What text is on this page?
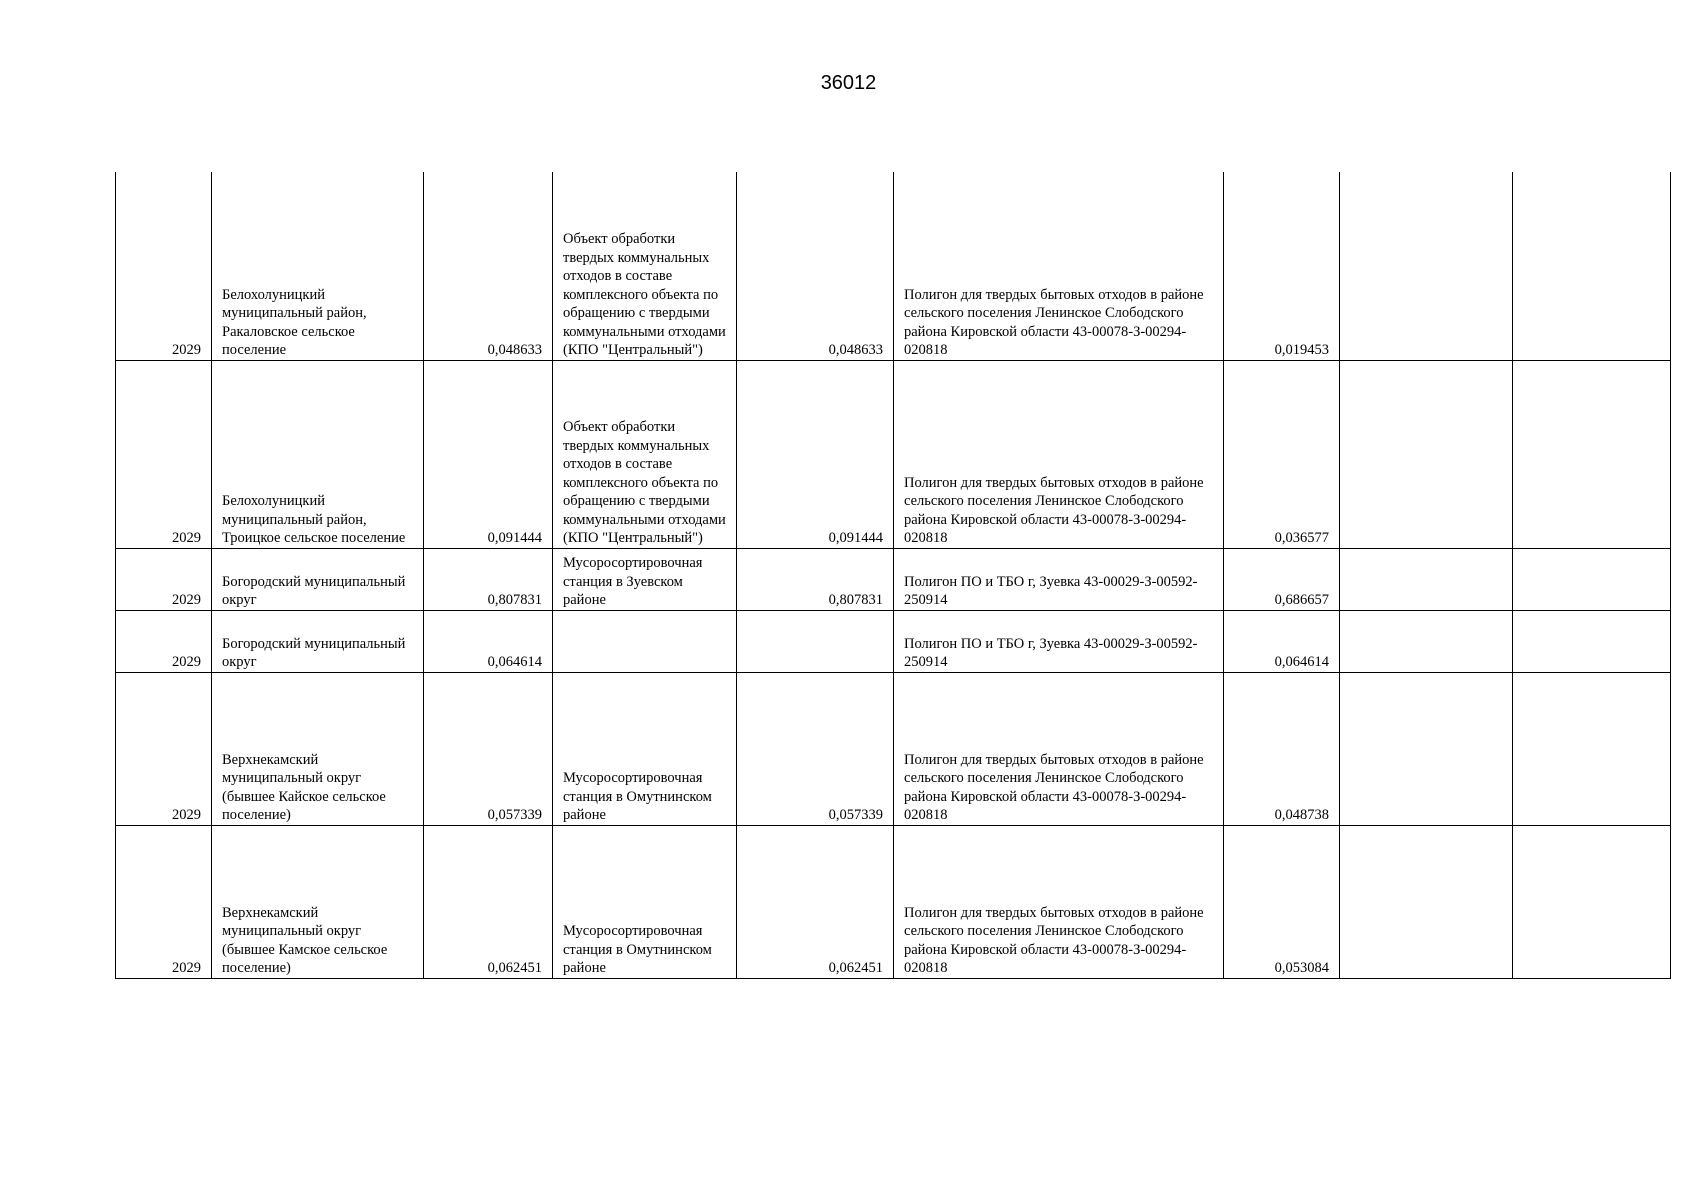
36012
2029	Белохолуницкий муниципальный район, Ракаловское сельское поселение	0,048633	Объект обработки твердых коммунальных отходов в составе комплексного объекта по обращению с твердыми коммунальными отходами (КПО "Центральный")	0,048633	Полигон для твердых бытовых отходов в районе сельского поселения Ленинское Слободского района Кировской области 43-00078-З-00294-020818	0,019453		
2029	Белохолуницкий муниципальный район, Троицкое сельское поселение	0,091444	Объект обработки твердых коммунальных отходов в составе комплексного объекта по обращению с твердыми коммунальными отходами (КПО "Центральный")	0,091444	Полигон для твердых бытовых отходов в районе сельского поселения Ленинское Слободского района Кировской области 43-00078-З-00294-020818	0,036577		
2029	Богородский муниципальный округ	0,807831	Мусоросортировочная станция в Зуевском районе	0,807831	Полигон ПО и ТБО г, Зуевка 43-00029-З-00592-250914	0,686657		
2029	Богородский муниципальный округ	0,064614			Полигон ПО и ТБО г, Зуевка 43-00029-З-00592-250914	0,064614		
2029	Верхнекамский муниципальный округ (бывшее Кайское сельское поселение)	0,057339	Мусоросортировочная станция в Омутнинском районе	0,057339	Полигон для твердых бытовых отходов в районе сельского поселения Ленинское Слободского района Кировской области 43-00078-З-00294-020818	0,048738		
2029	Верхнекамский муниципальный округ (бывшее Камское сельское поселение)	0,062451	Мусоросортировочная станция в Омутнинском районе	0,062451	Полигон для твердых бытовых отходов в районе сельского поселения Ленинское Слободского района Кировской области 43-00078-З-00294-020818	0,053084		
